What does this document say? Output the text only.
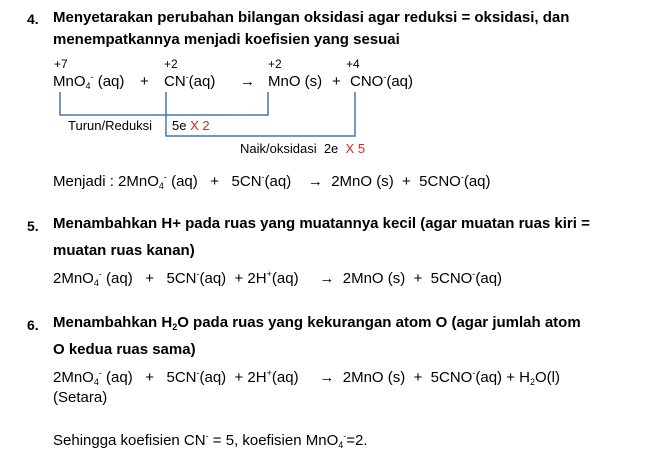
4. Menyetarakan perubahan bilangan oksidasi agar reduksi = oksidasi, dan
menempatkannya menjadi koefisien yang sesuai
+7	+2	+2	+4
MnO$_4$- (aq) + CN-(aq) → MnO (s) + CNO-(aq)
Turun/Reduksi 5e X 2
Naik/oksidasi 2e X 5
Menjadi : 2MnO$_4$- (aq)   +   5CN-(aq)    →  2MnO (s)  +  5CNO-(aq)
5. Menambahkan H+ pada ruas yang muatannya kecil (agar muatan ruas kiri =
muatan ruas kanan)
2MnO$_4$- (aq)   +   5CN-(aq)  + 2H+(aq)     →  2MnO (s)  +  5CNO-(aq)
6. Menambahkan $H_2O$ pada ruas yang kekurangan atom O (agar jumlah atom
O kedua ruas sama)
2MnO$_4$- (aq)   +   5CN-(aq)  + 2H+(aq)     →  2MnO $(s) + 5CNO^-(aq) + H_2O(l)$
(Setara)
Sehingga koefisien CN- = 5, koefisien MnO$_4$-=2.
